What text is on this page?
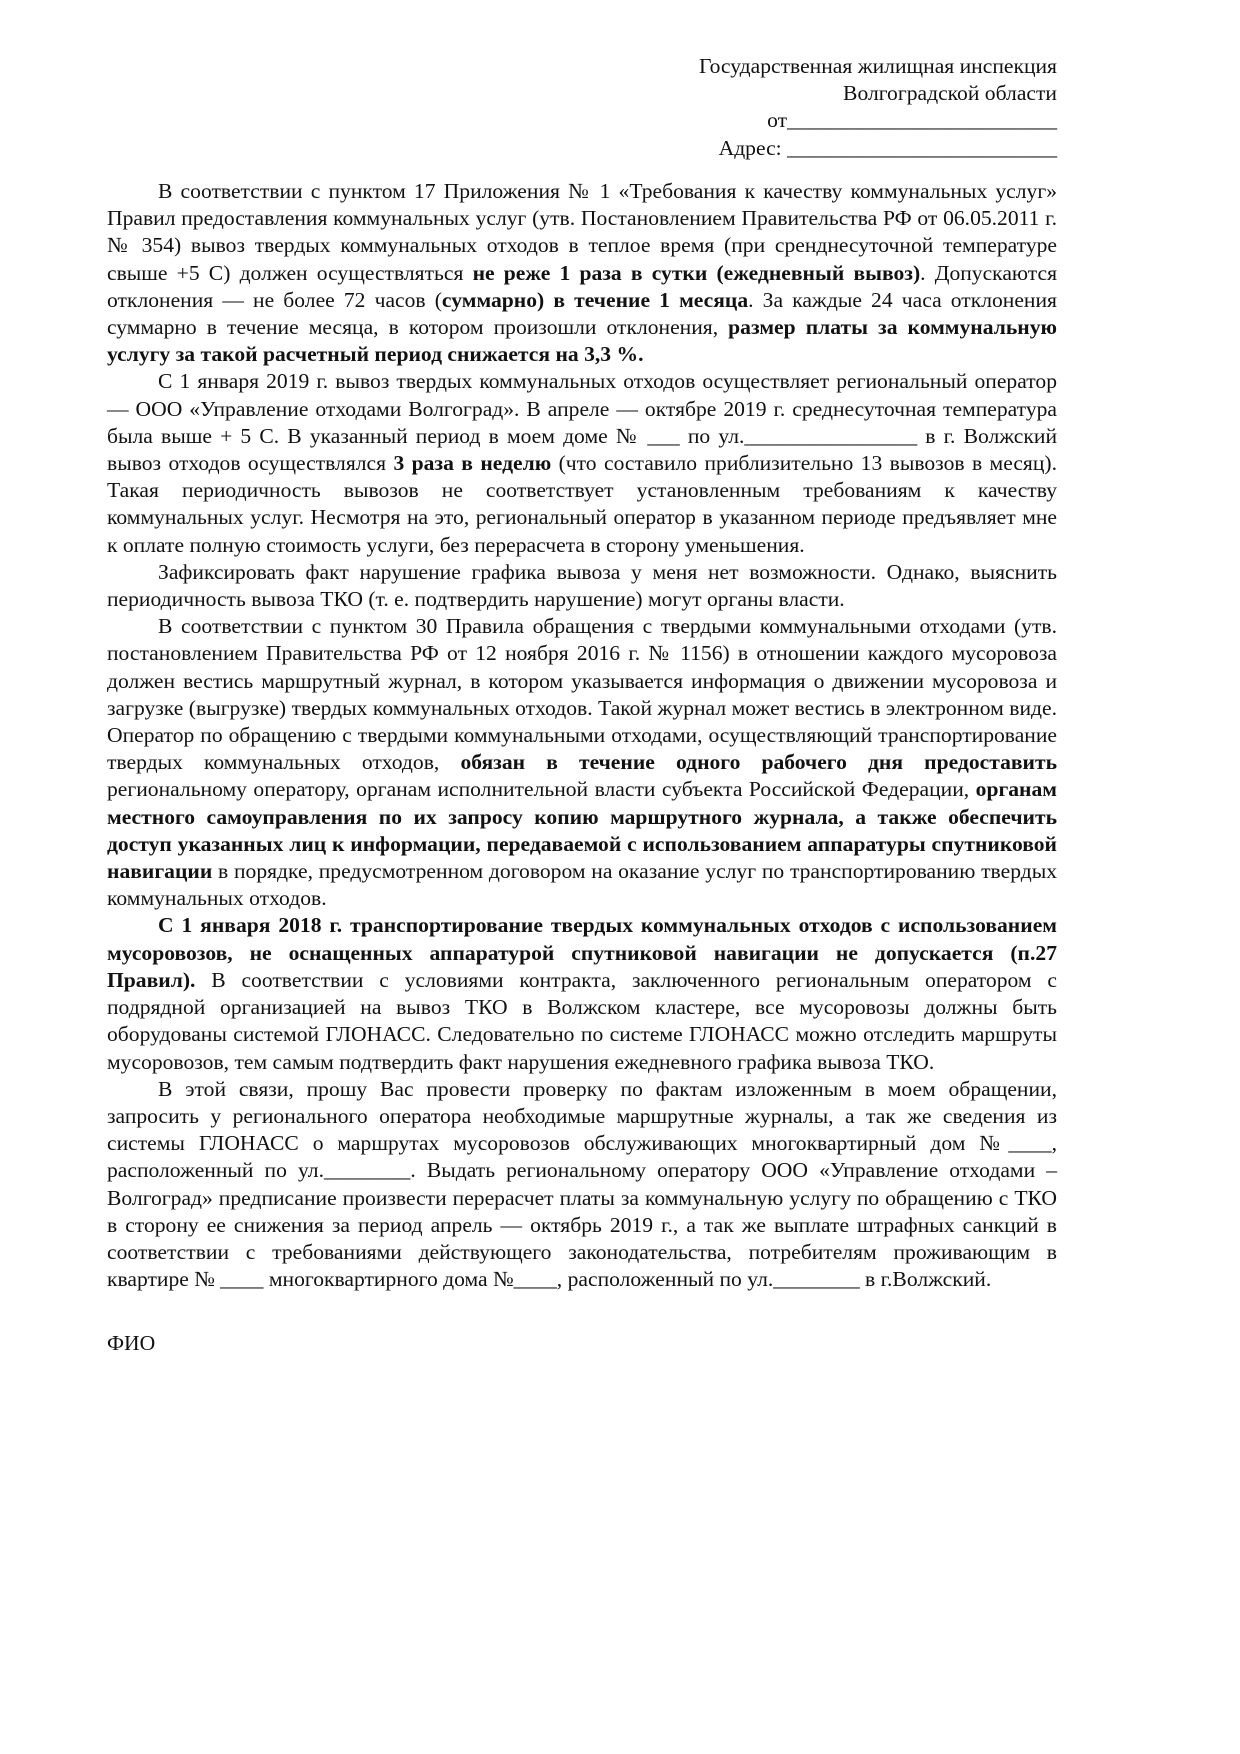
Государственная жилищная инспекция
Волгоградской области
от_________________________
Адрес: _________________________

В соответствии с пунктом 17 Приложения № 1 «Требования к качеству коммунальных услуг» Правил предоставления коммунальных услуг (утв. Постановлением Правительства РФ от 06.05.2011 г. № 354) вывоз твердых коммунальных отходов в теплое время (при сренднесуточной температуре свыше +5 С) должен осуществляться не реже 1 раза в сутки (ежедневный вывоз). Допускаются отклонения — не более 72 часов (суммарно) в течение 1 месяца. За каждые 24 часа отклонения суммарно в течение месяца, в котором произошли отклонения, размер платы за коммунальную услугу за такой расчетный период снижается на 3,3 %.

С 1 января 2019 г. вывоз твердых коммунальных отходов осуществляет региональный оператор — ООО «Управление отходами Волгоград». В апреле — октябре 2019 г. среднесуточная температура была выше + 5 С. В указанный период в моем доме № ___ по ул.________________ в г. Волжский вывоз отходов осуществлялся 3 раза в неделю (что составило приблизительно 13 вывозов в месяц). Такая периодичность вывозов не соответствует установленным требованиям к качеству коммунальных услуг. Несмотря на это, региональный оператор в указанном периоде предъявляет мне к оплате полную стоимость услуги, без перерасчета в сторону уменьшения.

Зафиксировать факт нарушение графика вывоза у меня нет возможности. Однако, выяснить периодичность вывоза ТКО (т. е. подтвердить нарушение) могут органы власти.

В соответствии с пунктом 30 Правила обращения с твердыми коммунальными отходами (утв. постановлением Правительства РФ от 12 ноября 2016 г. № 1156) в отношении каждого мусоровоза должен вестись маршрутный журнал, в котором указывается информация о движении мусоровоза и загрузке (выгрузке) твердых коммунальных отходов. Такой журнал может вестись в электронном виде. Оператор по обращению с твердыми коммунальными отходами, осуществляющий транспортирование твердых коммунальных отходов, обязан в течение одного рабочего дня предоставить региональному оператору, органам исполнительной власти субъекта Российской Федерации, органам местного самоуправления по их запросу копию маршрутного журнала, а также обеспечить доступ указанных лиц к информации, передаваемой с использованием аппаратуры спутниковой навигации в порядке, предусмотренном договором на оказание услуг по транспортированию твердых коммунальных отходов.

С 1 января 2018 г. транспортирование твердых коммунальных отходов с использованием мусоровозов, не оснащенных аппаратурой спутниковой навигации не допускается (п.27 Правил). В соответствии с условиями контракта, заключенного региональным оператором с подрядной организацией на вывоз ТКО в Волжском кластере, все мусоровозы должны быть оборудованы системой ГЛОНАСС. Следовательно по системе ГЛОНАСС можно отследить маршруты мусоровозов, тем самым подтвердить факт нарушения ежедневного графика вывоза ТКО.

В этой связи, прошу Вас провести проверку по фактам изложенным в моем обращении, запросить у регионального оператора необходимые маршрутные журналы, а так же сведения из системы ГЛОНАСС о маршрутах мусоровозов обслуживающих многоквартирный дом №____, расположенный по ул.________. Выдать региональному оператору ООО «Управление отходами – Волгоград» предписание произвести перерасчет платы за коммунальную услугу по обращению с ТКО в сторону ее снижения за период апрель — октябрь 2019 г., а так же выплате штрафных санкций в соответствии с требованиями действующего законодательства, потребителям проживающим в квартире № ____ многоквартирного дома №____, расположенный по ул.________ в г.Волжский.

ФИО
